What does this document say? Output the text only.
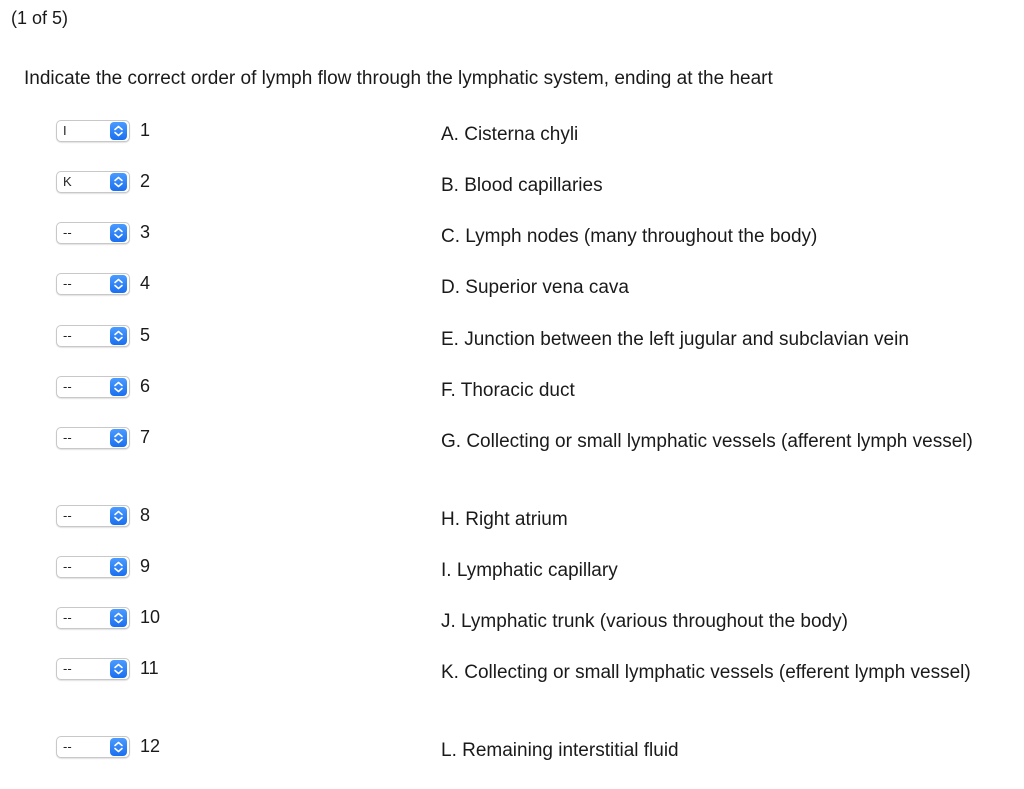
(1 of 5)
Indicate the correct order of lymph flow through the lymphatic system, ending at the heart
I	1	A. Cisterna chyli
K	2	B. Blood capillaries
--	3	C. Lymph nodes (many throughout the body)
--	4	D. Superior vena cava
--	5	E. Junction between the left jugular and subclavian vein
--	6	F. Thoracic duct
--	7	G. Collecting or small lymphatic vessels (afferent lymph vessel)
--	8	H. Right atrium
--	9	I. Lymphatic capillary
--	10	J. Lymphatic trunk (various throughout the body)
--	11	K. Collecting or small lymphatic vessels (efferent lymph vessel)
--	12	L. Remaining interstitial fluid
